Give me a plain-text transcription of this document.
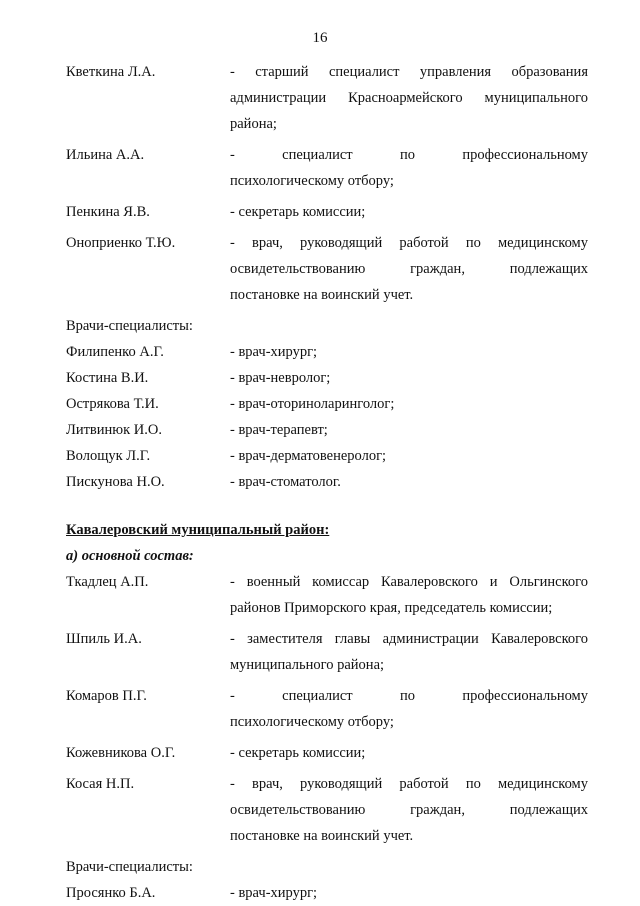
16
Кветкина Л.А.	- старший специалист управления образования
администрации Красноармейского муниципального
района;
Ильина А.А.	- специалист по профессиональному
психологическому отбору;
Пенкина Я.В.	- секретарь комиссии;
Оноприенко Т.Ю.	- врач, руководящий работой по медицинскому
освидетельствованию граждан, подлежащих
постановке на воинский учет.
Врачи-специалисты:
Филипенко А.Г.	- врач-хирург;
Костина В.И.	- врач-невролог;
Острякова Т.И.	- врач-оториноларинголог;
Литвинюк И.О.	- врач-терапевт;
Волощук Л.Г.	- врач-дерматовенеролог;
Пискунова Н.О.	- врач-стоматолог.
Кавалеровский муниципальный район:
а) основной состав:
Ткадлец А.П.	- военный комиссар Кавалеровского и Ольгинского
районов Приморского края, председатель комиссии;
Шпиль И.А.	- заместителя главы администрации Кавалеровского
муниципального района;
Комаров П.Г.	- специалист по профессиональному
психологическому отбору;
Кожевникова О.Г.	- секретарь комиссии;
Косая Н.П.	- врач, руководящий работой по медицинскому
освидетельствованию граждан, подлежащих
постановке на воинский учет.
Врачи-специалисты:
Просянко Б.А.	- врач-хирург;
